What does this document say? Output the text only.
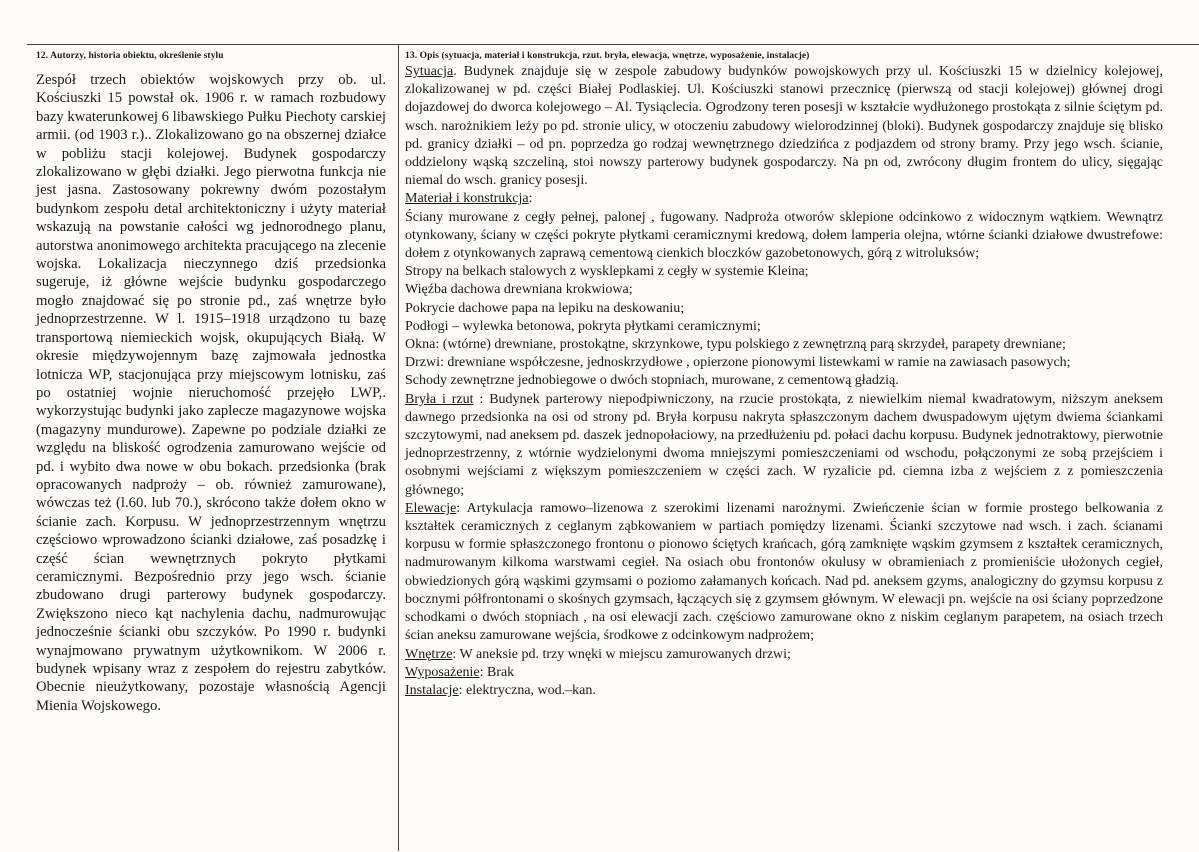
12. Autorzy, historia obiektu, określenie stylu

Zespół trzech obiektów wojskowych przy ob. ul. Kościuszki 15 powstał ok. 1906 r. w ramach rozbudowy bazy kwaterunkowej 6 libawskiego Pułku Piechoty carskiej armii. (od 1903 r.).. Zlokalizowano go na obszernej działce w pobliżu stacji kolejowej. Budynek gospodarczy zlokalizowano w głębi działki. Jego pierwotna funkcja nie jest jasna. Zastosowany pokrewny dwóm pozostałym budynkom zespołu detal architektoniczny i użyty materiał wskazują na powstanie całości wg jednorodnego planu, autorstwa anonimowego architekta pracującego na zlecenie wojska. Lokalizacja nieczynnego dziś przedsionka sugeruje, iż główne wejście budynku gospodarczego mogło znajdować się po stronie pd., zaś wnętrze było jednoprzestrzenne. W l. 1915–1918 urządzono tu bazę transportową niemieckich wojsk, okupujących Białą. W okresie międzywojennym bazę zajmowała jednostka lotnicza WP, stacjonująca przy miejscowym lotnisku, zaś po ostatniej wojnie nieruchomość przejęło LWP,. wykorzystując budynki jako zaplecze magazynowe wojska (magazyny mundurowe). Zapewne po podziale działki ze względu na bliskość ogrodzenia zamurowano wejście od pd. i wybito dwa nowe w obu bokach. przedsionka (brak opracowanych nadproży – ob. również zamurowane), wówczas też (l.60. lub 70.), skrócono także dołem okno w ścianie zach. Korpusu. W jednoprzestrzennym wnętrzu częściowo wprowadzono ścianki działowe, zaś posadzkę i część ścian wewnętrznych pokryto płytkami ceramicznymi. Bezpośrednio przy jego wsch. ścianie zbudowano drugi parterowy budynek gospodarczy. Zwiększono nieco kąt nachylenia dachu, nadmurowując jednocześnie ścianki obu szczyków. Po 1990 r. budynki wynajmowano prywatnym użytkownikom. W 2006 r. budynek wpisany wraz z zespołem do rejestru zabytków. Obecnie nieużytkowany, pozostaje własnością Agencji Mienia Wojskowego.

13. Opis (sytuacja, materiał i konstrukcja, rzut. bryła, elewacja, wnętrze, wyposażenie, instalacje)
Sytuacja. Budynek znajduje się w zespole zabudowy budynków powojskowych przy ul. Kościuszki 15 w dzielnicy kolejowej, zlokalizowanej w pd. części Białej Podlaskiej. Ul. Kościuszki stanowi przecznicę (pierwszą od stacji kolejowej) głównej drogi dojazdowej do dworca kolejowego – Al. Tysiąclecia. Ogrodzony teren posesji w kształcie wydłużonego prostokąta z silnie ściętym pd. wsch. narożnikiem leży po pd. stronie ulicy, w otoczeniu zabudowy wielorodzinnej (bloki). Budynek gospodarczy znajduje się blisko pd. granicy działki – od pn. poprzedza go rodzaj wewnętrznego dziedzińca z podjazdem od strony bramy. Przy jego wsch. ścianie, oddzielony wąską szczeliną, stoi nowszy parterowy budynek gospodarczy. Na pn od, zwrócony długim frontem do ulicy, sięgając niemal do wsch. granicy posesji.
Materiał i konstrukcja:
Ściany murowane z cegły pełnej, palonej , fugowany. Nadproża otworów sklepione odcinkowo z widocznym wątkiem. Wewnątrz otynkowany, ściany w części pokryte płytkami ceramicznymi kredową, dołem lamperia olejna, wtórne ścianki działowe dwustrefowe: dołem z otynkowanych zaprawą cementową cienkich bloczków gazobetonowych, górą z witroluksów;
Stropy na belkach stalowych z wysklepkami z cegły w systemie Kleina;
Więźba dachowa drewniana krokwiowa;
Pokrycie dachowe papa na lepiku na deskowaniu;
Podłogi – wylewka betonowa, pokryta płytkami ceramicznymi;
Okna: (wtórne) drewniane, prostokątne, skrzynkowe, typu polskiego z zewnętrzną parą skrzydeł, parapety drewniane;
Drzwi: drewniane współczesne, jednoskrzydłowe , opierzone pionowymi listewkami w ramie na zawiasach pasowych;
Schody zewnętrzne jednobiegowe o dwóch stopniach, murowane, z cementową gładzią.
Bryła i rzut : Budynek parterowy niepodpiwniczony, na rzucie prostokąta, z niewielkim niemal kwadratowym, niższym aneksem dawnego przedsionka na osi od strony pd. Bryła korpusu nakryta spłaszczonym dachem dwuspadowym ujętym dwiema ściankami szczytowymi, nad aneksem pd. daszek jednopołaciowy, na przedłużeniu pd. połaci dachu korpusu. Budynek jednotraktowy, pierwotnie jednoprzestrzenny, z wtórnie wydzielonymi dwoma mniejszymi pomieszczeniami od wschodu, połączonymi ze sobą przejściem i osobnymi wejściami z większym pomieszczeniem w części zach. W ryzalicie pd. ciemna izba z wejściem z z pomieszczenia głównego;
Elewacje: Artykulacja ramowo–lizenowa z szerokimi lizenami narożnymi. Zwieńczenie ścian w formie prostego belkowania z kształtek ceramicznych z ceglanym ząbkowaniem w partiach pomiędzy lizenami. Ścianki szczytowe nad wsch. i zach. ścianami korpusu w formie spłaszczonego frontonu o pionowo ściętych krańcach, górą zamknięte wąskim gzymsem z kształtek ceramicznych, nadmurowanym kilkoma warstwami cegieł. Na osiach obu frontonów okulusy w obramieniach z promieniście ułożonych cegieł, obwiedzionych górą wąskimi gzymsami o poziomo załamanych końcach. Nad pd. aneksem gzyms, analogiczny do gzymsu korpusu z bocznymi półfrontonami o skośnych gzymsach, łączących się z gzymsem głównym. W elewacji pn. wejście na osi ściany poprzedzone schodkami o dwóch stopniach , na osi elewacji zach. częściowo zamurowane okno z niskim ceglanym parapetem, na osiach trzech ścian aneksu zamurowane wejścia, środkowe z odcinkowym nadprożem;
Wnętrze: W aneksie pd. trzy wnęki w miejscu zamurowanych drzwi;
Wyposażenie: Brak
Instalacje: elektryczna, wod.–kan.
